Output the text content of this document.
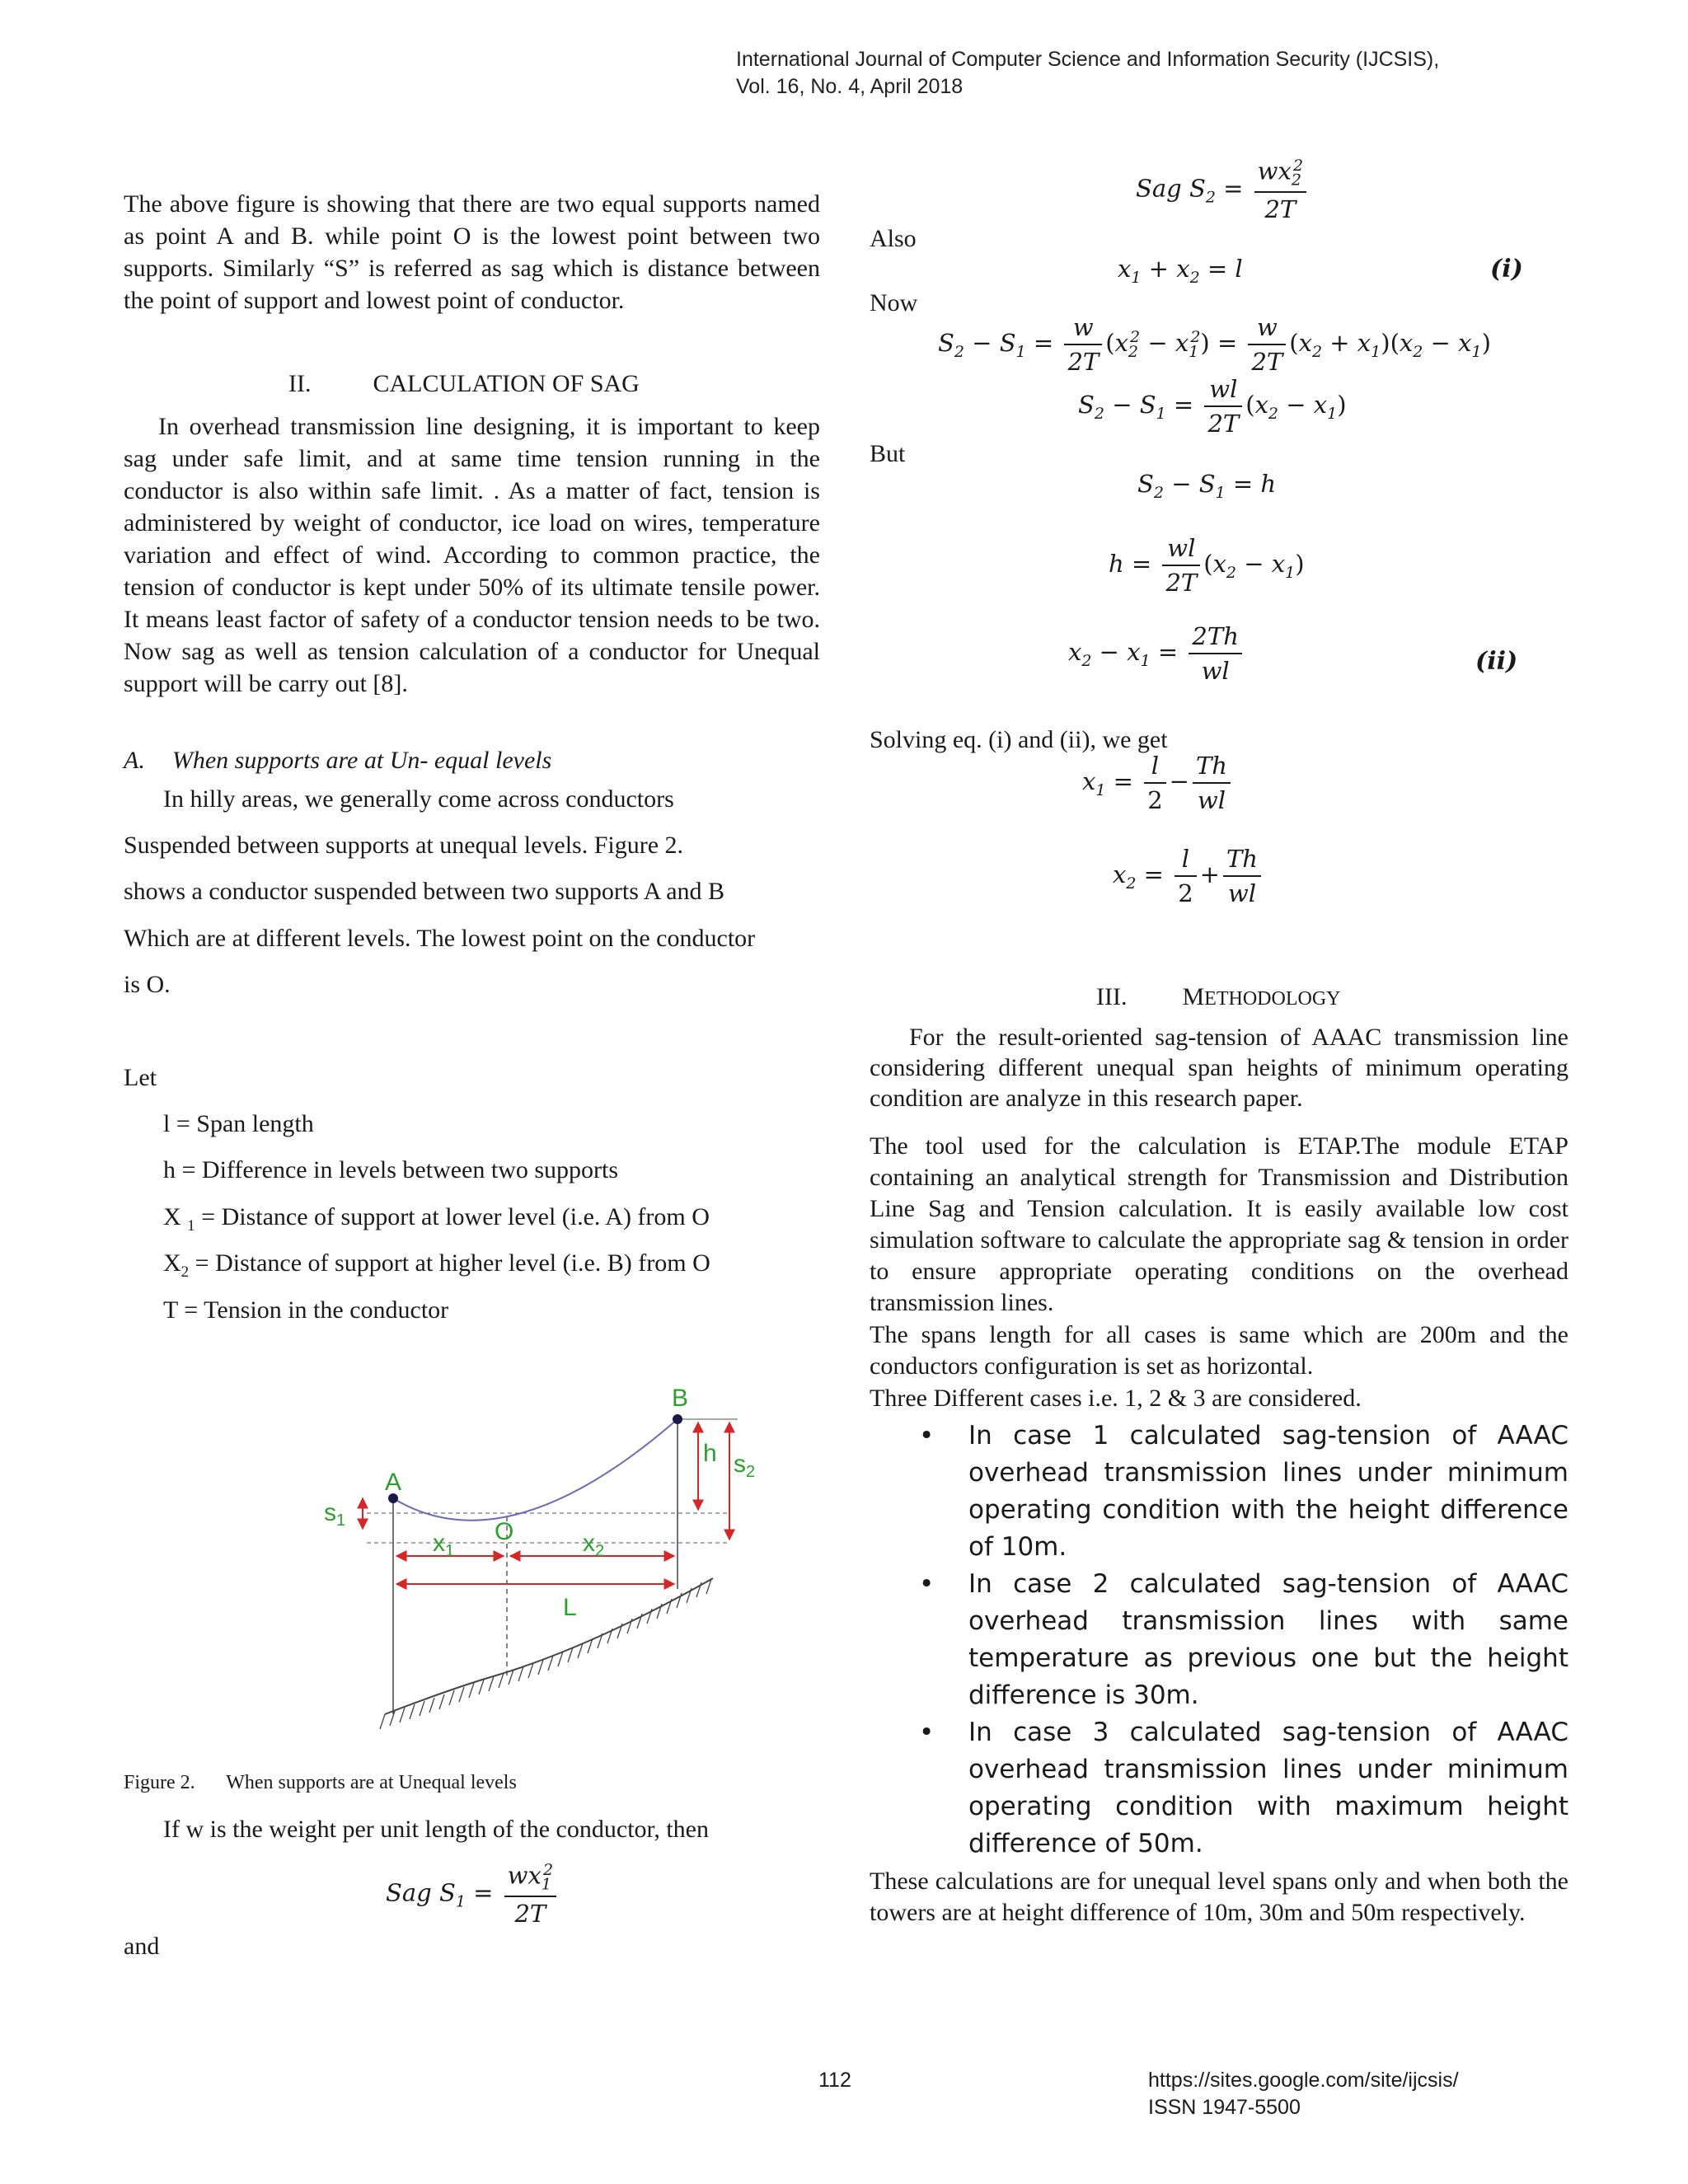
International Journal of Computer Science and Information Security (IJCSIS),
Vol. 16, No. 4, April 2018
The above figure is showing that there are two equal supports named as point A and B. while point O is the lowest point between two supports. Similarly “S” is referred as sag which is distance between the point of support and lowest point of conductor.
II.	CALCULATION OF SAG
In overhead transmission line designing, it is important to keep sag under safe limit, and at same time tension running in the conductor is also within safe limit. . As a matter of fact, tension is administered by weight of conductor, ice load on wires, temperature variation and effect of wind. According to common practice, the tension of conductor is kept under 50% of its ultimate tensile power. It means least factor of safety of a conductor tension needs to be two. Now sag as well as tension calculation of a conductor for Unequal support will be carry out [8].
A. When supports are at Un- equal levels
In hilly areas, we generally come across conductors
Suspended between supports at unequal levels. Figure 2.
shows a conductor suspended between two supports A and B
Which are at different levels. The lowest point on the conductor
is O.
Let
l = Span length
h = Difference in levels between two supports
X $_1$ = Distance of support at lower level (i.e. A) from O
$X_2$ = Distance of support at higher level (i.e. B) from O
T = Tension in the conductor
A
B
O
h
$s_1$
$s_2$
$x_1$	$x_2$
L
Figure 2. When supports are at Unequal levels
If w is the weight per unit length of the conductor, then
Sag $S_1 = \frac{wx_1^2}{2T}$
and
Sag $S_2 = \frac{wx_2^2}{2T}$
Also
$x_1 + x_2 = l$	(i)
Now
$S_2 - S_1 = \frac{w}{2T} (x_2^2 - x_1^2) = \frac{w}{2T} (x_2 + x_1)(x_2 - x_1)$
$S_2 - S_1 = \frac{wl}{2T} (x_2 - x_1)$
But
$S_2 - S_1 = h$
$h = \frac{wl}{2T} (x_2 - x_1)$
$x_2 - x_1 = \frac{2Th}{wl}$	(ii)
Solving eq. (i) and (ii), we get
$x_1 = \frac{l}{2} - \frac{Th}{wl}$
$x_2 = \frac{l}{2} + \frac{Th}{wl}$
III. METHODOLOGY
For the result-oriented sag-tension of AAAC transmission line considering different unequal span heights of minimum operating condition are analyze in this research paper.
The tool used for the calculation is ETAP.The module ETAP containing an analytical strength for Transmission and Distribution Line Sag and Tension calculation. It is easily available low cost simulation software to calculate the appropriate sag & tension in order to ensure appropriate operating conditions on the overhead transmission lines.
The spans length for all cases is same which are 200m and the conductors configuration is set as horizontal.
Three Different cases i.e. 1, 2 & 3 are considered.
• In case 1 calculated sag-tension of AAAC overhead transmission lines under minimum operating condition with the height difference of 10m.
• In case 2 calculated sag-tension of AAAC overhead transmission lines with same temperature as previous one but the height difference is 30m.
• In case 3 calculated sag-tension of AAAC overhead transmission lines under minimum operating condition with maximum height difference of 50m.
These calculations are for unequal level spans only and when both the towers are at height difference of 10m, 30m and 50m respectively.
112	https://sites.google.com/site/ijcsis/
ISSN 1947-5500
